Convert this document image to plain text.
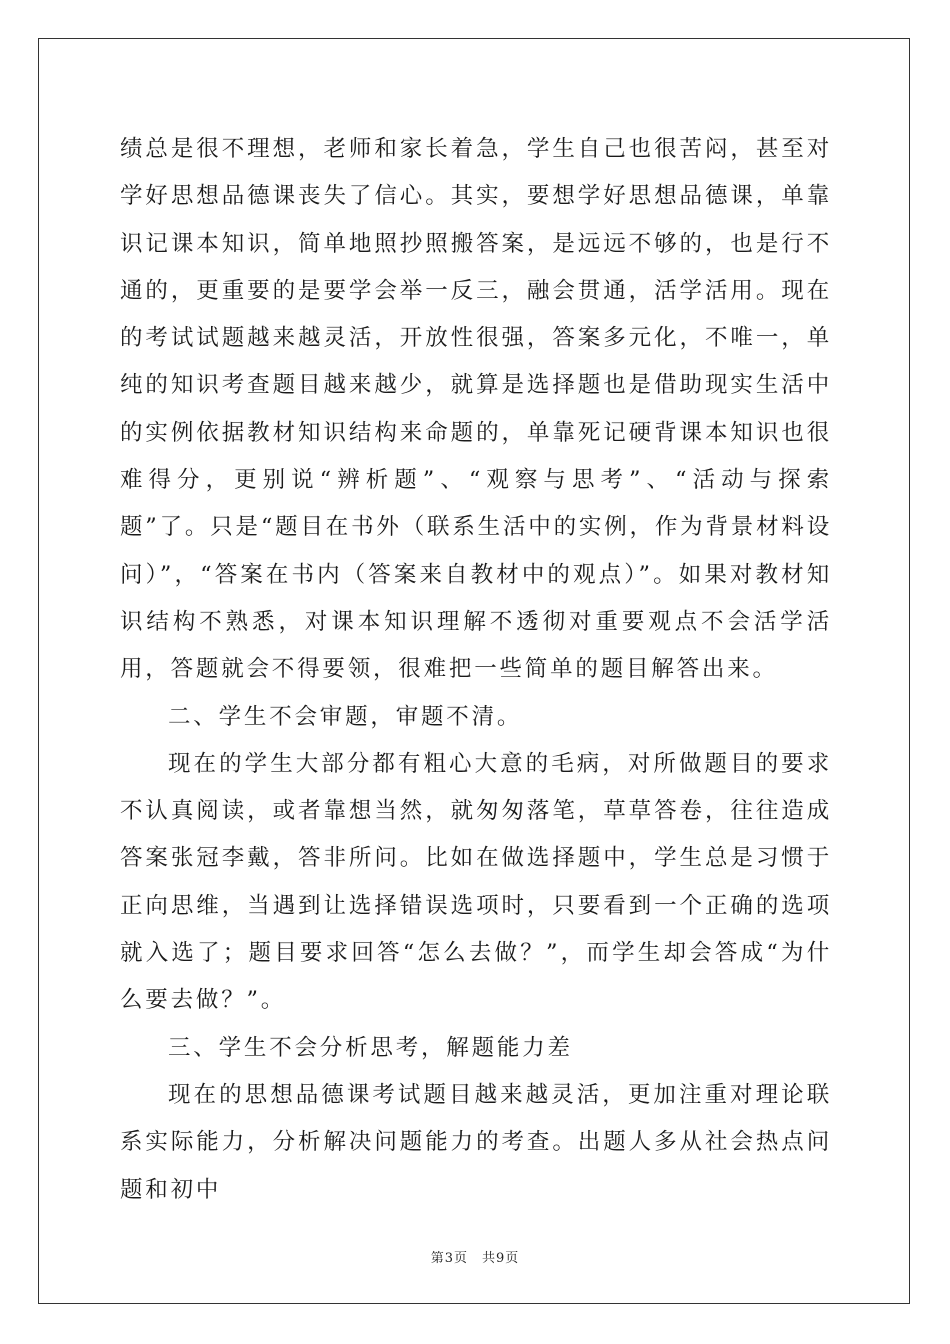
绩总是很不理想，老师和家长着急，学生自己也很苦闷，甚至对学好思想品德课丧失了信心。其实，要想学好思想品德课，单靠识记课本知识，简单地照抄照搬答案，是远远不够的，也是行不通的，更重要的是要学会举一反三，融会贯通，活学活用。现在的考试试题越来越灵活，开放性很强，答案多元化，不唯一，单纯的知识考查题目越来越少，就算是选择题也是借助现实生活中的实例依据教材知识结构来命题的，单靠死记硬背课本知识也很难得分，更别说“辨析题”、“观察与思考”、“活动与探索题”了。只是“题目在书外（联系生活中的实例，作为背景材料设问）”，“答案在书内（答案来自教材中的观点）”。如果对教材知识结构不熟悉，对课本知识理解不透彻对重要观点不会活学活用，答题就会不得要领，很难把一些简单的题目解答出来。

二、学生不会审题，审题不清。

现在的学生大部分都有粗心大意的毛病，对所做题目的要求不认真阅读，或者靠想当然，就匆匆落笔，草草答卷，往往造成答案张冠李戴，答非所问。比如在做选择题中，学生总是习惯于正向思维，当遇到让选择错误选项时，只要看到一个正确的选项就入选了；题目要求回答“怎么去做？”，而学生却会答成“为什么要去做？”。

三、学生不会分析思考，解题能力差

现在的思想品德课考试题目越来越灵活，更加注重对理论联系实际能力，分析解决问题能力的考查。出题人多从社会热点问题和初中

第3页　共9页
